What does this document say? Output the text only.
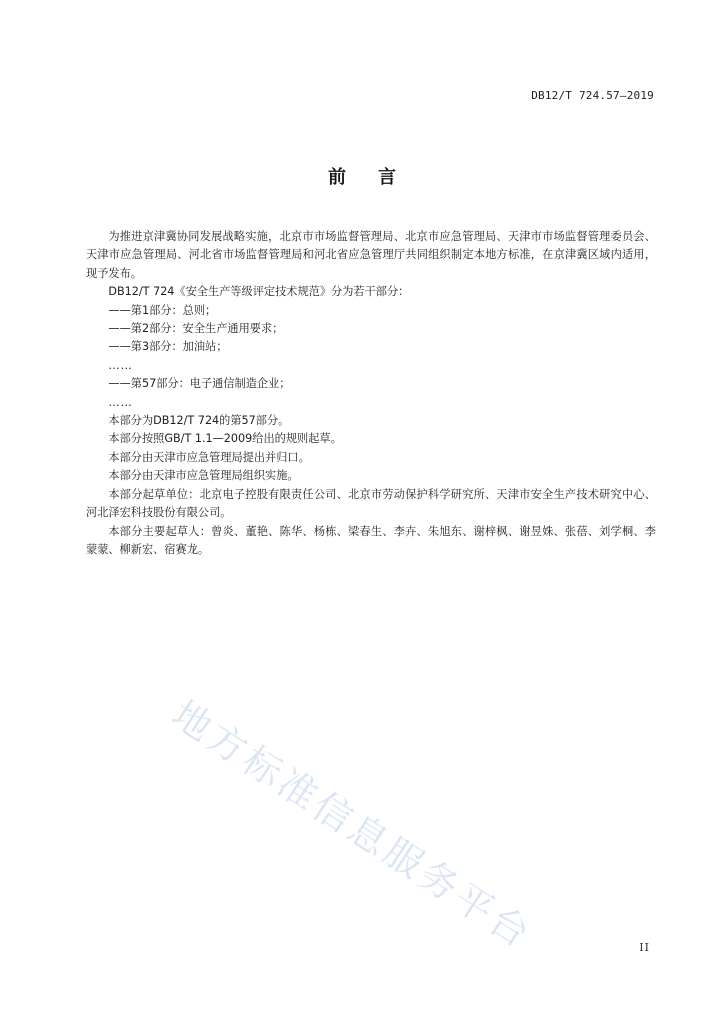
DB12/T 724.57—2019
前言

为推进京津冀协同发展战略实施，北京市市场监督管理局、北京市应急管理局、天津市市场监督管理委员会、天津市应急管理局、河北省市场监督管理局和河北省应急管理厅共同组织制定本地方标准，在京津冀区域内适用，现予发布。

DB12/T 724《安全生产等级评定技术规范》分为若干部分：

——第1部分：总则；

——第2部分：安全生产通用要求；

——第3部分：加油站；

……

——第57部分：电子通信制造企业；

……

本部分为DB12/T 724的第57部分。

本部分按照GB/T 1.1—2009给出的规则起草。

本部分由天津市应急管理局提出并归口。

本部分由天津市应急管理局组织实施。

本部分起草单位：北京电子控股有限责任公司、北京市劳动保护科学研究所、天津市安全生产技术研究中心、河北泽宏科技股份有限公司。

本部分主要起草人：曾炎、董艳、陈华、杨栋、梁春生、李卉、朱旭东、谢梓枫、谢昱姝、张蓓、刘学桐、李蒙蒙、柳新宏、宿赛龙。

地方标准信息服务平台	II
